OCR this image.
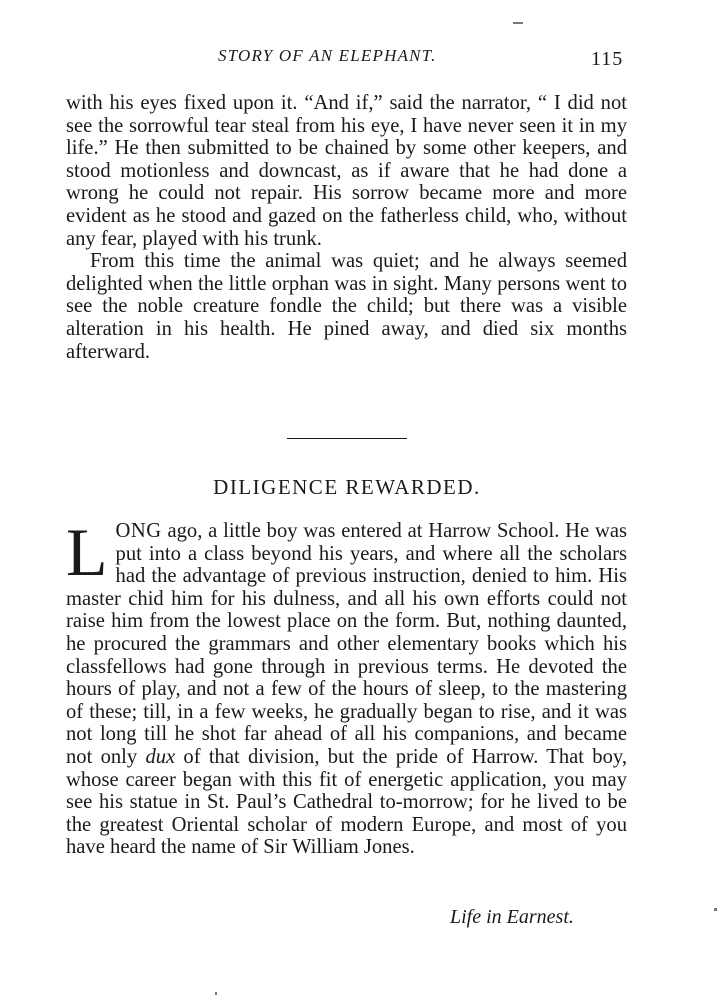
STORY OF AN ELEPHANT.	115

with his eyes fixed upon it. “And if,” said the narrator, “ I did not see the sorrowful tear steal from his eye, I have never seen it in my life.” He then submitted to be chained by some other keepers, and stood motionless and downcast, as if aware that he had done a wrong he could not repair. His sorrow became more and more evident as he stood and gazed on the fatherless child, who, without any fear, played with his trunk.

From this time the animal was quiet; and he always seemed delighted when the little orphan was in sight. Many persons went to see the noble creature fondle the child; but there was a visible alteration in his health. He pined away, and died six months afterward.

DILIGENCE REWARDED.
LONG ago, a little boy was entered at Harrow School. He was put into a class beyond his years, and where all the scholars had the advantage of previous instruction, denied to him. His master chid him for his dulness, and all his own efforts could not raise him from the lowest place on the form. But, nothing daunted, he procured the grammars and other elementary books which his classfellows had gone through in previous terms. He devoted the hours of play, and not a few of the hours of sleep, to the mastering of these; till, in a few weeks, he gradually began to rise, and it was not long till he shot far ahead of all his companions, and became not only dux of that division, but the pride of Harrow. That boy, whose career began with this fit of energetic application, you may see his statue in St. Paul’s Cathedral to-morrow; for he lived to be the greatest Oriental scholar of modern Europe, and most of you have heard the name of Sir William Jones.
Life in Earnest.
